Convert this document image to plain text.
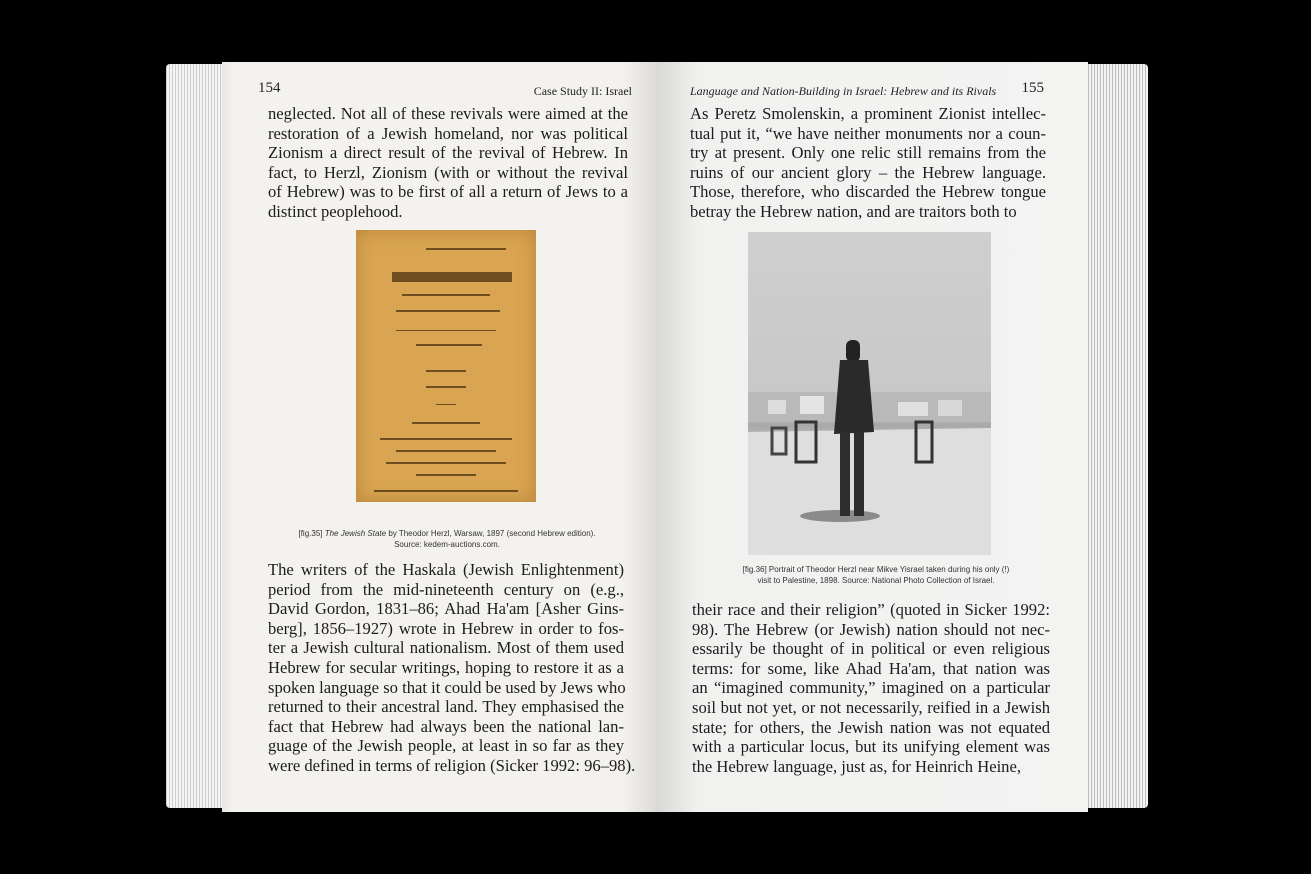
154	Case Study II: Israel
neglected. Not all of these revivals were aimed at the
restoration of a Jewish homeland, nor was political
Zionism a direct result of the revival of Hebrew. In
fact, to Herzl, Zionism (with or without the revival
of Hebrew) was to be first of all a return of Jews to a
distinct peoplehood.
[fig.35] The Jewish State by Theodor Herzl, Warsaw, 1897 (second Hebrew edition).
Source: kedem-auctions.com.
The writers of the Haskala (Jewish Enlightenment)
period from the mid-nineteenth century on (e.g.,
David Gordon, 1831–86; Ahad Ha'am [Asher Gins-
berg], 1856–1927) wrote in Hebrew in order to fos-
ter a Jewish cultural nationalism. Most of them used
Hebrew for secular writings, hoping to restore it as a
spoken language so that it could be used by Jews who
returned to their ancestral land. They emphasised the
fact that Hebrew had always been the national lan-
guage of the Jewish people, at least in so far as they
were defined in terms of religion (Sicker 1992: 96–98).
Language and Nation-Building in Israel: Hebrew and its Rivals 155
As Peretz Smolenskin, a prominent Zionist intellec-
tual put it, “we have neither monuments nor a coun-
try at present. Only one relic still remains from the
ruins of our ancient glory – the Hebrew language.
Those, therefore, who discarded the Hebrew tongue
betray the Hebrew nation, and are traitors both to
[fig.36] Portrait of Theodor Herzl near Mikve Yisrael taken during his only (!)
visit to Palestine, 1898. Source: National Photo Collection of Israel.
their race and their religion” (quoted in Sicker 1992:
98). The Hebrew (or Jewish) nation should not nec-
essarily be thought of in political or even religious
terms: for some, like Ahad Ha'am, that nation was
an “imagined community,” imagined on a particular
soil but not yet, or not necessarily, reified in a Jewish
state; for others, the Jewish nation was not equated
with a particular locus, but its unifying element was
the Hebrew language, just as, for Heinrich Heine,
